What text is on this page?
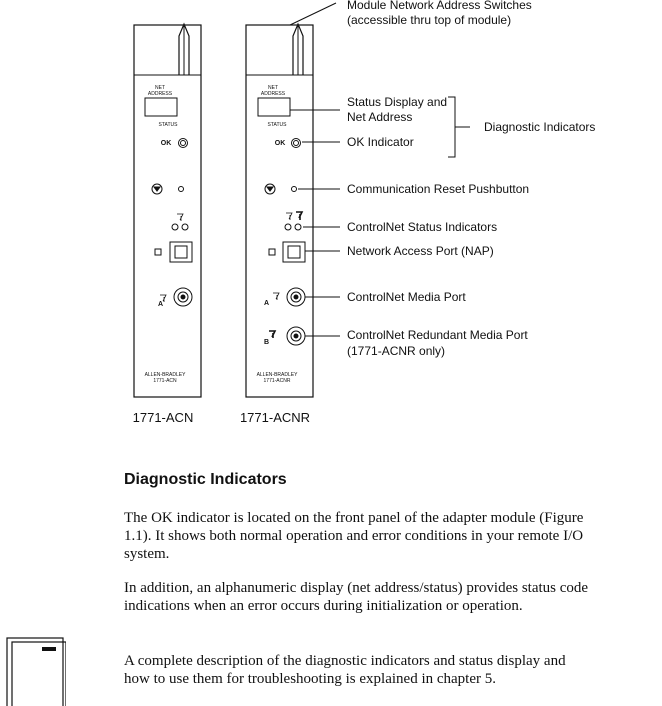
NET
ADDRESS
STATUS
OK
A
ALLEN-BRADLEY
1771-ACN
1771-ACN
NET
ADDRESS
STATUS
OK
A
B
ALLEN-BRADLEY
1771-ACNR
1771-ACNR
Module Network Address Switches
(accessible thru top of module)
Status Display and
Net Address
OK Indicator
Diagnostic Indicators
Communication Reset Pushbutton
ControlNet Status Indicators
Network Access Port (NAP)
ControlNet Media Port
ControlNet Redundant Media Port
(1771-ACNR only)
Diagnostic Indicators

The OK indicator is located on the front panel of the adapter module (Figure 1.1). It shows both normal operation and error conditions in your remote I/O system.

In addition, an alphanumeric display (net address/status) provides status code indications when an error occurs during initialization or operation.

A complete description of the diagnostic indicators and status display and how to use them for troubleshooting is explained in chapter 5.
